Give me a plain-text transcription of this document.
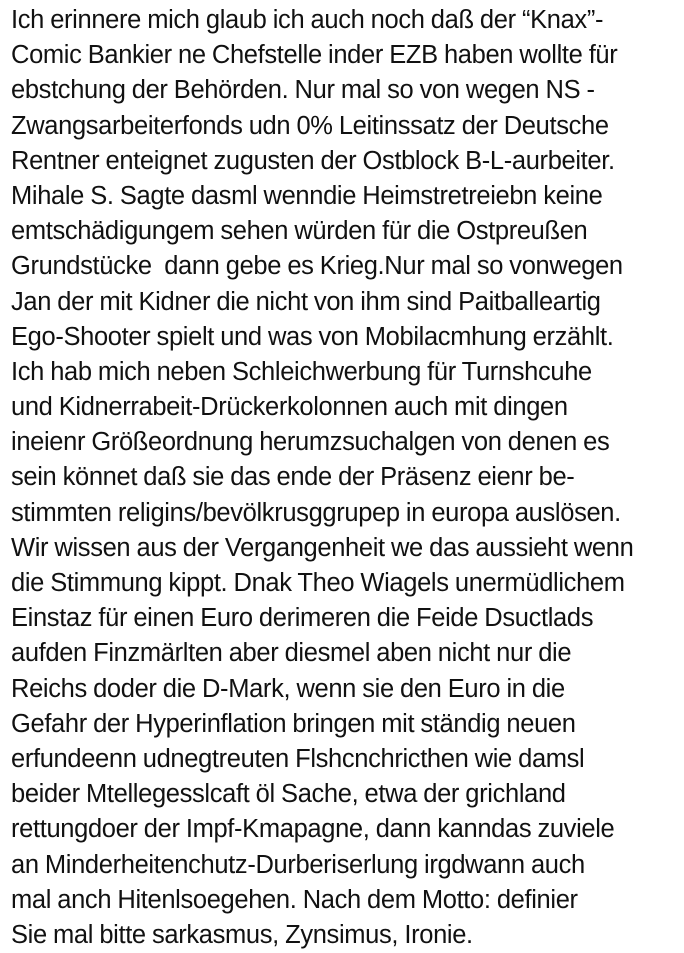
Ich erinnere mich glaub ich auch noch daß der “Knax”-
Comic Bankier ne Chefstelle inder EZB haben wollte für
ebstchung der Behörden. Nur mal so von wegen NS -
Zwangsarbeiterfonds udn 0% Leitinssatz der Deutsche
Rentner enteignet zugusten der Ostblock B-L-aurbeiter.
Mihale S. Sagte dasml wenndie Heimstretreiebn keine
emtschädigungem sehen würden für die Ostpreußen
Grundstücke  dann gebe es Krieg.Nur mal so vonwegen
Jan der mit Kidner die nicht von ihm sind Paitballeartig
Ego-Shooter spielt und was von Mobilacmhung erzählt.
Ich hab mich neben Schleichwerbung für Turnshcuhe
und Kidnerrabeit-Drückerkolonnen auch mit dingen
ineienr Größeordnung herumzsuchalgen von denen es
sein könnet daß sie das ende der Präsenz eienr be-
stimmten religins/bevölkrusggrupep in europa auslösen.
Wir wissen aus der Vergangenheit we das aussieht wenn
die Stimmung kippt. Dnak Theo Wiagels unermüdlichem
Einstaz für einen Euro derimeren die Feide Dsuctlads
aufden Finzmärlten aber diesmel aben nicht nur die
Reichs doder die D-Mark, wenn sie den Euro in die
Gefahr der Hyperinflation bringen mit ständig neuen
erfundeenn udnegtreuten Flshcnchricthen wie damsl
beider Mtellegesslcaft öl Sache, etwa der grichland
rettungdoer der Impf-Kmapagne, dann kanndas zuviele
an Minderheitenchutz-Durberiserlung irgdwann auch
mal anch Hitenlsoegehen. Nach dem Motto: definier
Sie mal bitte sarkasmus, Zynsimus, Ironie.
